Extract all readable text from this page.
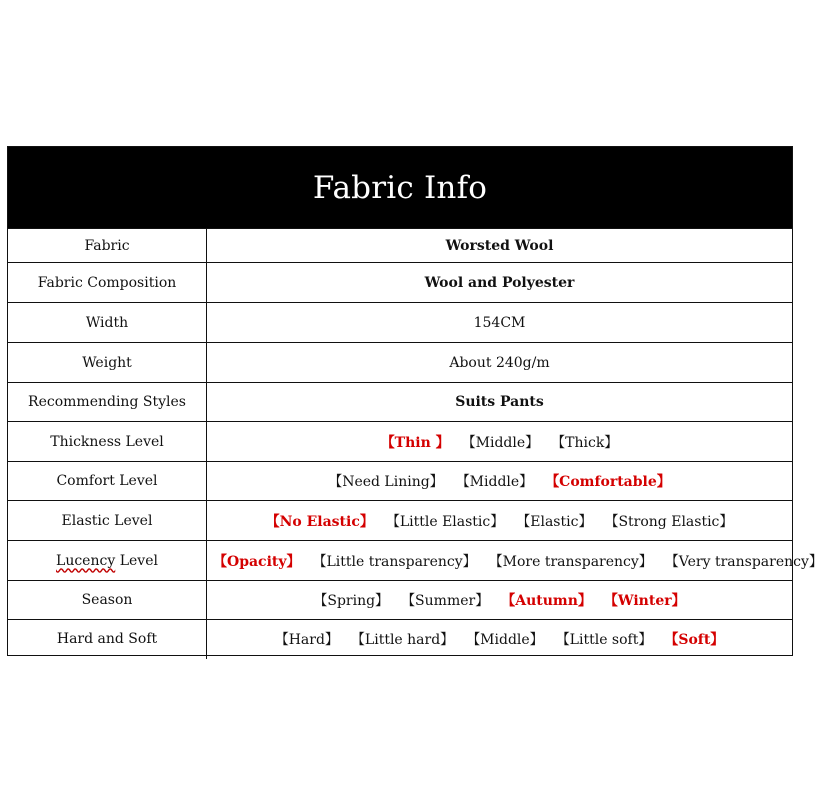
Fabric Info
Fabric	Worsted Wool
Fabric Composition	Wool and Polyester
Width	154CM
Weight	About 240g/m
Recommending Styles	Suits Pants
Thickness Level	【Thin 】 【Middle】 【Thick】
Comfort Level	【Need Lining】 【Middle】 【Comfortable】
Elastic Level	【No Elastic】 【Little Elastic】 【Elastic】 【Strong Elastic】
Lucency Level	【Opacity】 【Little transparency】 【More transparency】 【Very transparency】
Season	【Spring】 【Summer】 【Autumn】 【Winter】
Hard and Soft	【Hard】 【Little hard】 【Middle】 【Little soft】 【Soft】
